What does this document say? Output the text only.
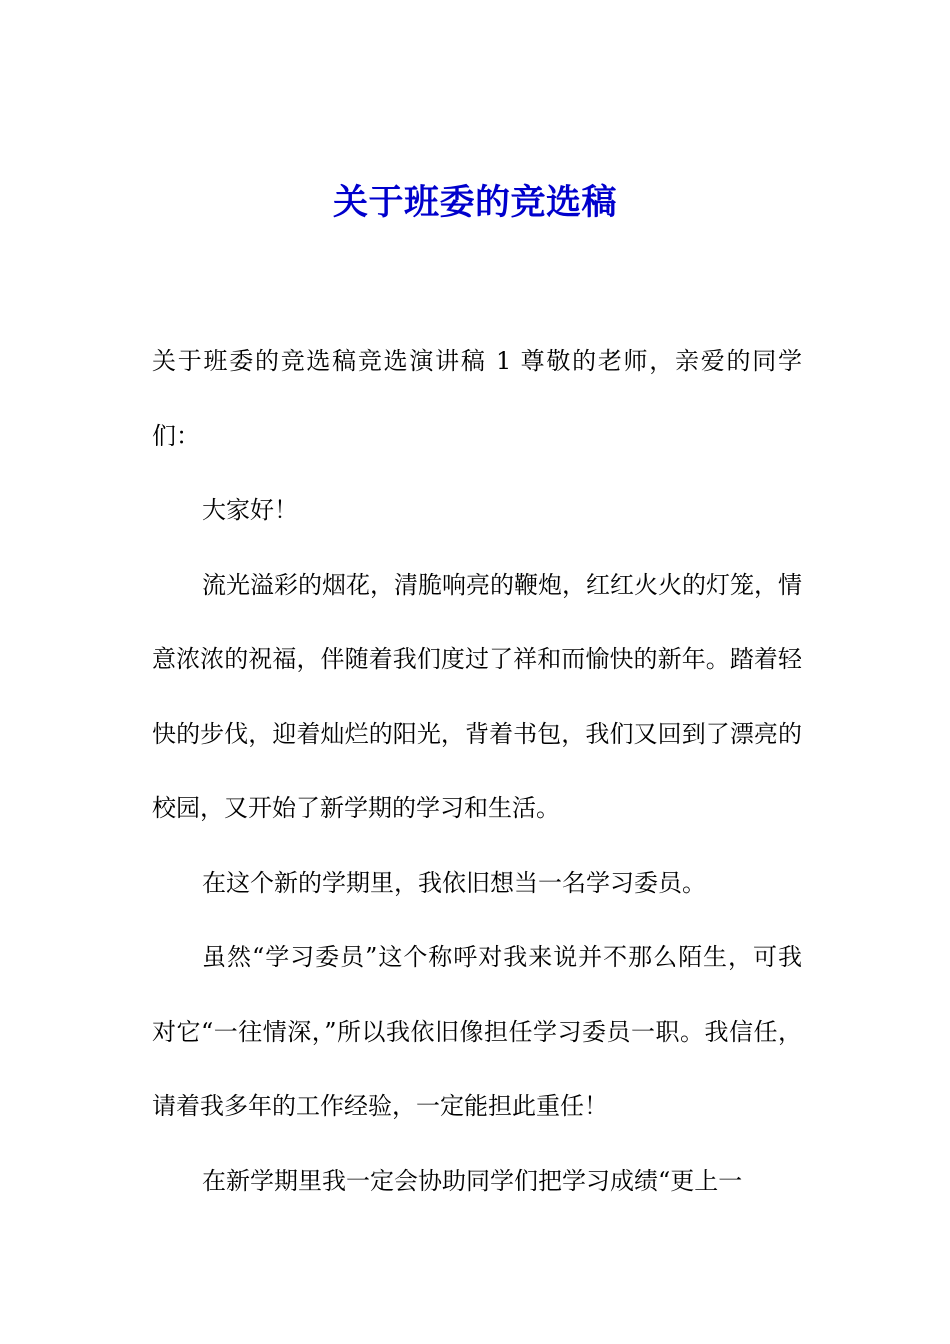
关于班委的竞选稿

关于班委的竞选稿竞选演讲稿 1 尊敬的老师，亲爱的同学们：

大家好！

流光溢彩的烟花，清脆响亮的鞭炮，红红火火的灯笼，情意浓浓的祝福，伴随着我们度过了祥和而愉快的新年。踏着轻快的步伐，迎着灿烂的阳光，背着书包，我们又回到了漂亮的校园，又开始了新学期的学习和生活。

在这个新的学期里，我依旧想当一名学习委员。

虽然“学习委员”这个称呼对我来说并不那么陌生，可我对它“一往情深，”所以我依旧像担任学习委员一职。我信任，请着我多年的工作经验，一定能担此重任！

在新学期里我一定会协助同学们把学习成绩“更上一
